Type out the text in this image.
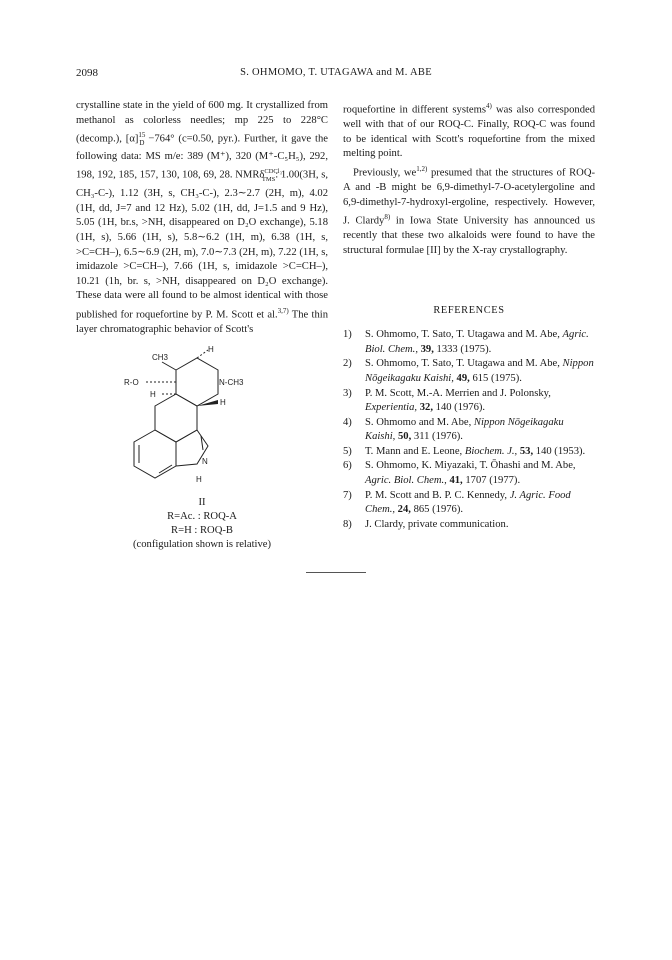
2098	S. OHMOMO, T. UTAGAWA and M. ABE

crystalline state in the yield of 600 mg. It crystallized from methanol as colorless needles; mp 225 to 228°C (decomp.), $[\alpha]^{15}_D -764^\circ$ (c=0.50, pyr.). Further, it gave the following data: MS m/e: 389 (M⁺), 320 (M⁺-C₅H₅), 292, 198, 192, 185, 157, 130, 108, 69, 28. NMRδ$^{CDCl_3}_{TMS}$: 1.00(3H, s, CH₃-C-), 1.12 (3H, s, CH₃-C-), 2.3∼2.7 (2H, m), 4.02 (1H, dd, J=7 and 12 Hz), 5.02 (1H, dd, J=1.5 and 9 Hz), 5.05 (1H, br.s, >NH, disappeared on D₂O exchange), 5.18 (1H, s), 5.66 (1H, s), 5.8∼6.2 (1H, m), 6.38 (1H, s, >C=CH–), 6.5∼6.9 (2H, m), 7.0∼7.3 (2H, m), 7.22 (1H, s, imidazole >C=CH–), 7.66 (1H, s, imidazole >C=CH–), 10.21 (1h, br. s, >NH, disappeared on D₂O exchange). These data were all found to be almost identical with those published for roquefortine by P. M. Scott et al.$^{3,7)}$ The thin layer chromatographic behavior of Scott's

CH3
H
R-O	N-CH3
H
H
N
H
II
R=Ac. : ROQ-A
R=H : ROQ-B
(configulation shown is relative)

roquefortine in different systems$^{4)}$ was also corresponded well with that of our ROQ-C. Finally, ROQ-C was found to be identical with Scott's roquefortine from the mixed melting point.

Previously, we$^{1,2)}$ presumed that the structures of ROQ-A and -B might be 6,9-dimethyl-7-O-acetylergoline and 6,9-dimethyl-7-hydroxyl-ergoline, respectively. However, J. Clardy$^{8)}$ in Iowa State University has announced us recently that these two alkaloids were found to have the structural formulae [II] by the X-ray crystallography.

REFERENCES
1)	S. Ohmomo, T. Sato, T. Utagawa and M. Abe, Agric. Biol. Chem., 39, 1333 (1975).
2)	S. Ohmomo, T. Sato, T. Utagawa and M. Abe, Nippon Nōgeikagaku Kaishi, 49, 615 (1975).
3)	P. M. Scott, M.-A. Merrien and J. Polonsky, Experientia, 32, 140 (1976).
4)	S. Ohmomo and M. Abe, Nippon Nōgeikagaku Kaishi, 50, 311 (1976).
5)	T. Mann and E. Leone, Biochem. J., 53, 140 (1953).
6)	S. Ohmomo, K. Miyazaki, T. Ōhashi and M. Abe, Agric. Biol. Chem., 41, 1707 (1977).
7)	P. M. Scott and B. P. C. Kennedy, J. Agric. Food Chem., 24, 865 (1976).
8)	J. Clardy, private communication.
